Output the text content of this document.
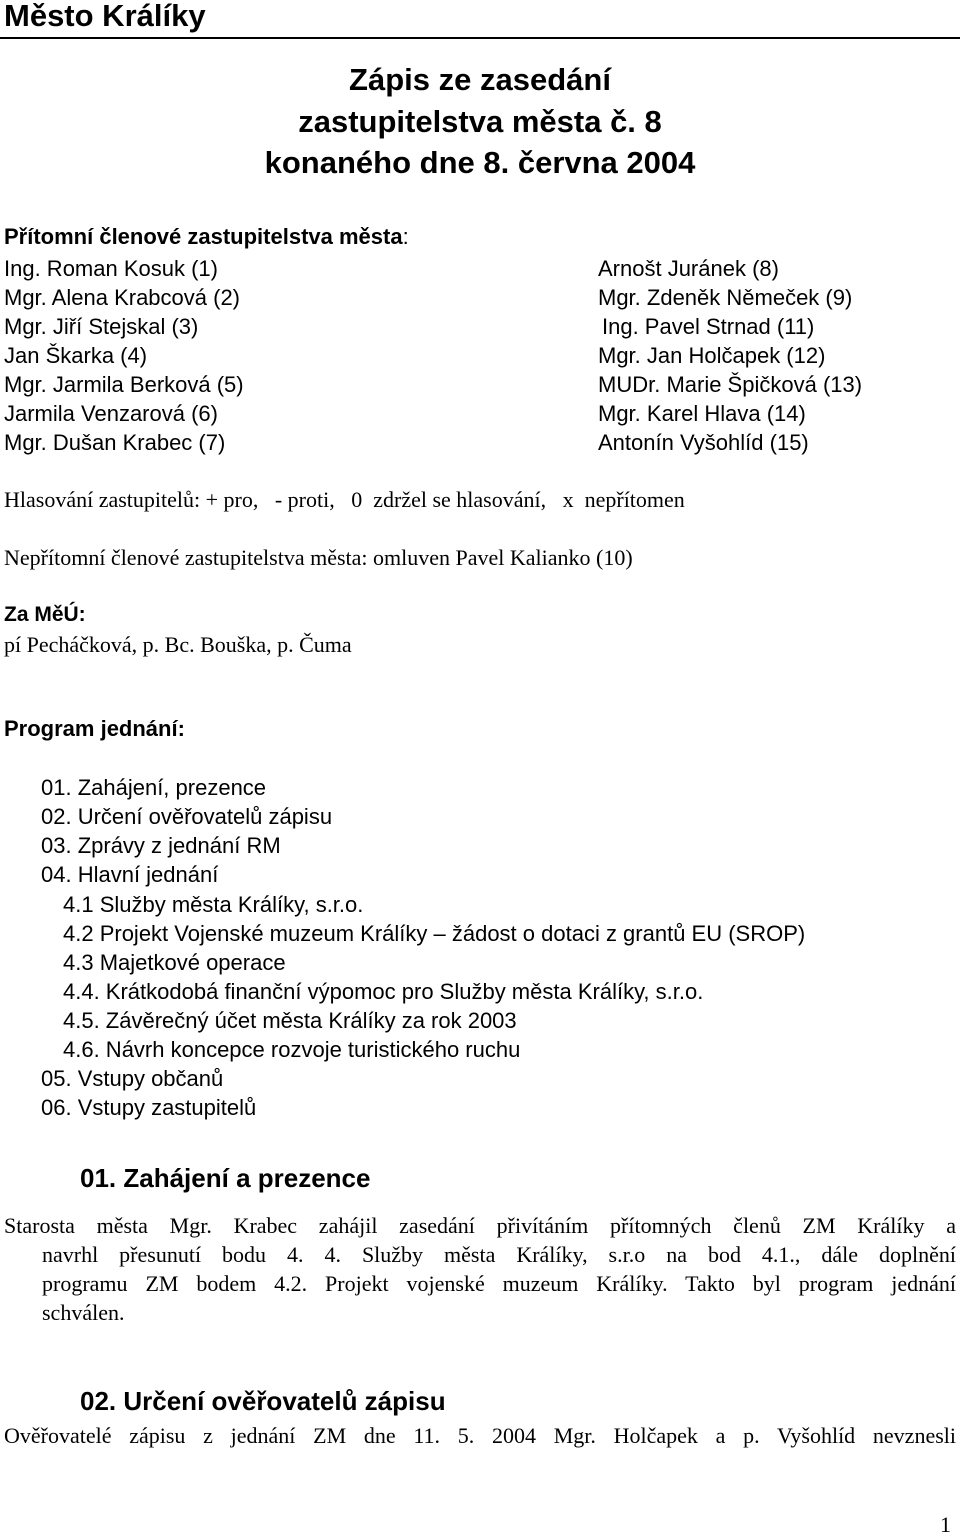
Město Králíky
Zápis ze zasedání
zastupitelstva města č. 8
konaného dne 8. června 2004
Přítomní členové zastupitelstva města:
Ing. Roman Kosuk (1)
Mgr. Alena Krabcová (2)
Mgr. Jiří Stejskal (3)
Jan Škarka (4)
Mgr. Jarmila Berková (5)
Jarmila Venzarová (6)
Mgr. Dušan Krabec (7)
Arnošt Juránek (8)
Mgr. Zdeněk Němeček (9)
Ing. Pavel Strnad (11)
Mgr. Jan Holčapek (12)
MUDr. Marie Špičková (13)
Mgr. Karel Hlava (14)
Antonín Vyšohlíd (15)
Hlasování zastupitelů: + pro,   - proti,   0  zdržel se hlasování,   x  nepřítomen
Nepřítomní členové zastupitelstva města: omluven Pavel Kalianko (10)
Za MěÚ:
pí Pecháčková, p. Bc. Bouška, p. Čuma
Program jednání:
01. Zahájení, prezence
02. Určení ověřovatelů zápisu
03. Zprávy z jednání RM
04. Hlavní jednání
4.1 Služby města Králíky, s.r.o.
4.2 Projekt Vojenské muzeum Králíky – žádost o dotaci z grantů EU (SROP)
4.3 Majetkové operace
4.4. Krátkodobá finanční výpomoc pro Služby města Králíky, s.r.o.
4.5. Závěrečný účet města Králíky za rok 2003
4.6. Návrh koncepce rozvoje turistického ruchu
05. Vstupy občanů
06. Vstupy zastupitelů
01. Zahájení a prezence
Starosta města Mgr. Krabec zahájil zasedání přivítáním přítomných členů ZM Králíky a
navrhl přesunutí bodu 4. 4. Služby města Králíky, s.r.o na bod 4.1., dále doplnění
programu ZM bodem 4.2. Projekt vojenské muzeum Králíky. Takto byl program jednání
schválen.
02. Určení ověřovatelů zápisu
Ověřovatelé zápisu z jednání ZM dne 11. 5. 2004 Mgr. Holčapek a p. Vyšohlíd nevznesli
1
